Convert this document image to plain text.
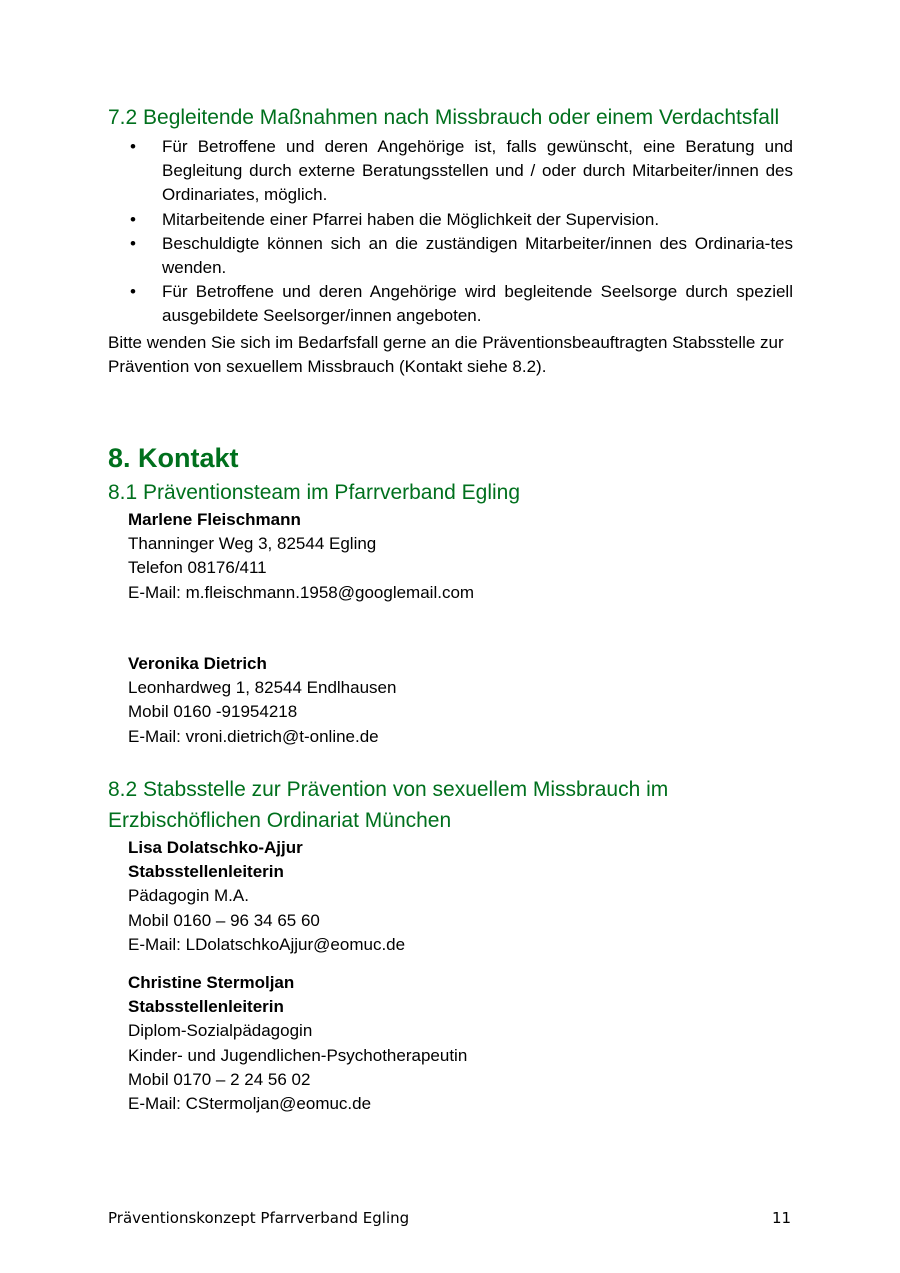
7.2 Begleitende Maßnahmen nach Missbrauch oder einem Verdachtsfall
•	Für Betroffene und deren Angehörige ist, falls gewünscht, eine Beratung und Begleitung durch externe Beratungsstellen und / oder durch Mitarbeiter/innen des Ordinariates, möglich.
•	Mitarbeitende einer Pfarrei haben die Möglichkeit der Supervision.
•	Beschuldigte können sich an die zuständigen Mitarbeiter/innen des Ordinaria-tes wenden.
•	Für Betroffene und deren Angehörige wird begleitende Seelsorge durch speziell ausgebildete Seelsorger/innen angeboten.
Bitte wenden Sie sich im Bedarfsfall gerne an die Präventionsbeauftragten Stabsstelle zur Prävention von sexuellem Missbrauch (Kontakt siehe 8.2).
8. Kontakt
8.1 Präventionsteam im Pfarrverband Egling
Marlene Fleischmann
Thanninger Weg 3, 82544 Egling
Telefon 08176/411
E-Mail: m.fleischmann.1958@googlemail.com
Veronika Dietrich
Leonhardweg 1, 82544 Endlhausen
Mobil 0160 -91954218
E-Mail: vroni.dietrich@t-online.de
8.2 Stabsstelle zur Prävention von sexuellem Missbrauch im
Erzbischöflichen Ordinariat München
Lisa Dolatschko-Ajjur
Stabsstellenleiterin
Pädagogin M.A.
Mobil 0160 – 96 34 65 60
E-Mail: LDolatschkoAjjur@eomuc.de
Christine Stermoljan
Stabsstellenleiterin
Diplom-Sozialpädagogin
Kinder- und Jugendlichen-Psychotherapeutin
Mobil 0170 – 2 24 56 02
E-Mail: CStermoljan@eomuc.de
Präventionskonzept Pfarrverband Egling	11
